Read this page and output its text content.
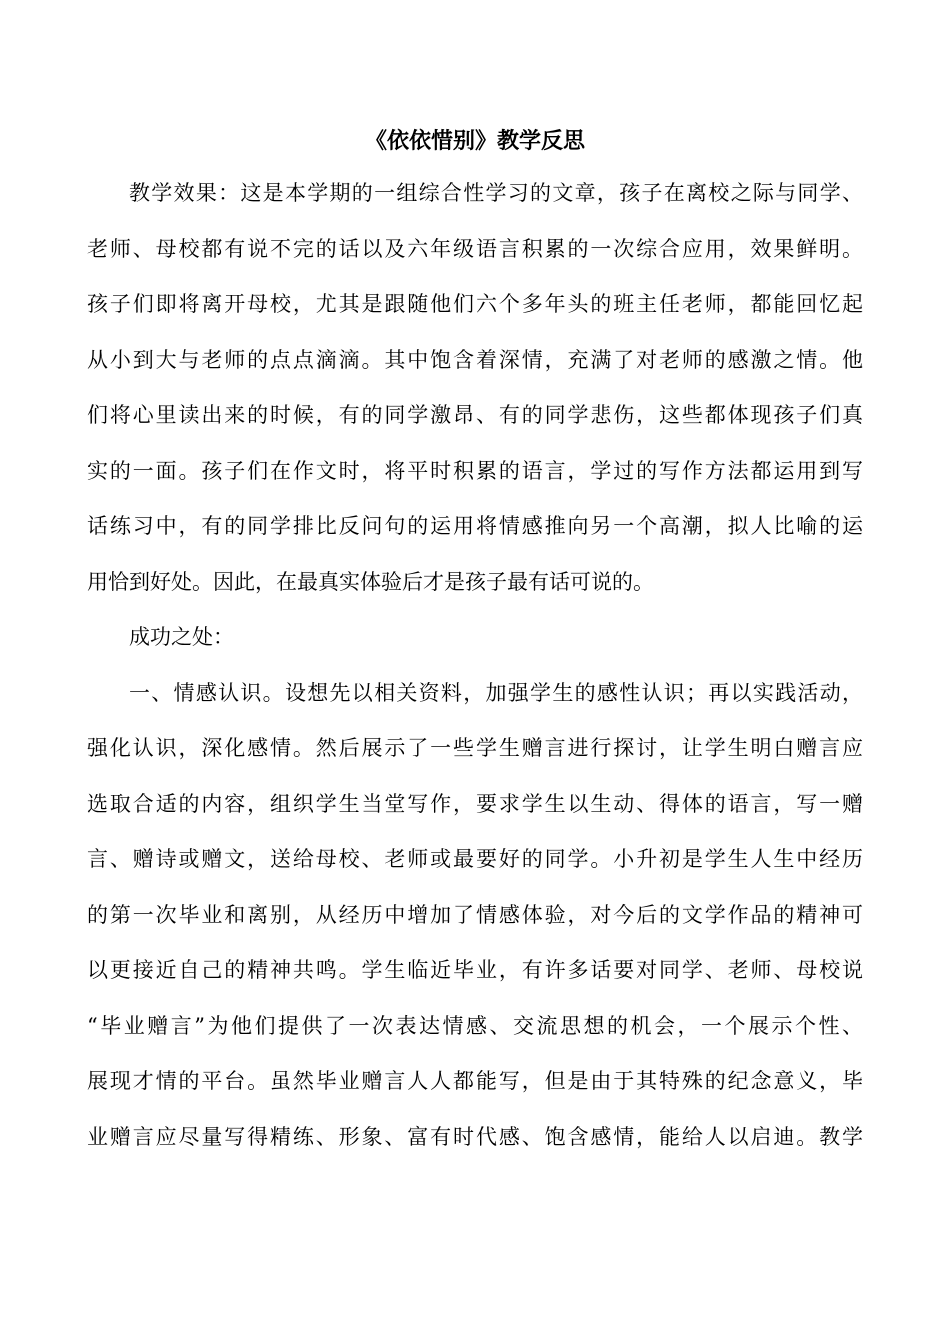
《依依惜别》教学反思
教学效果：这是本学期的一组综合性学习的文章，孩子在离校之际与同学、
老师、母校都有说不完的话以及六年级语言积累的一次综合应用，效果鲜明。
孩子们即将离开母校，尤其是跟随他们六个多年头的班主任老师，都能回忆起
从小到大与老师的点点滴滴。其中饱含着深情，充满了对老师的感激之情。他
们将心里读出来的时候，有的同学激昂、有的同学悲伤，这些都体现孩子们真
实的一面。孩子们在作文时，将平时积累的语言，学过的写作方法都运用到写
话练习中，有的同学排比反问句的运用将情感推向另一个高潮，拟人比喻的运
用恰到好处。因此，在最真实体验后才是孩子最有话可说的。
成功之处：
一、情感认识。设想先以相关资料，加强学生的感性认识；再以实践活动，
强化认识，深化感情。然后展示了一些学生赠言进行探讨，让学生明白赠言应
选取合适的内容，组织学生当堂写作，要求学生以生动、得体的语言，写一赠
言、赠诗或赠文，送给母校、老师或最要好的同学。小升初是学生人生中经历
的第一次毕业和离别，从经历中增加了情感体验，对今后的文学作品的精神可
以更接近自己的精神共鸣。学生临近毕业，有许多话要对同学、老师、母校说
“毕业赠言”为他们提供了一次表达情感、交流思想的机会，一个展示个性、
展现才情的平台。虽然毕业赠言人人都能写，但是由于其特殊的纪念意义，毕
业赠言应尽量写得精练、形象、富有时代感、饱含感情，能给人以启迪。教学
